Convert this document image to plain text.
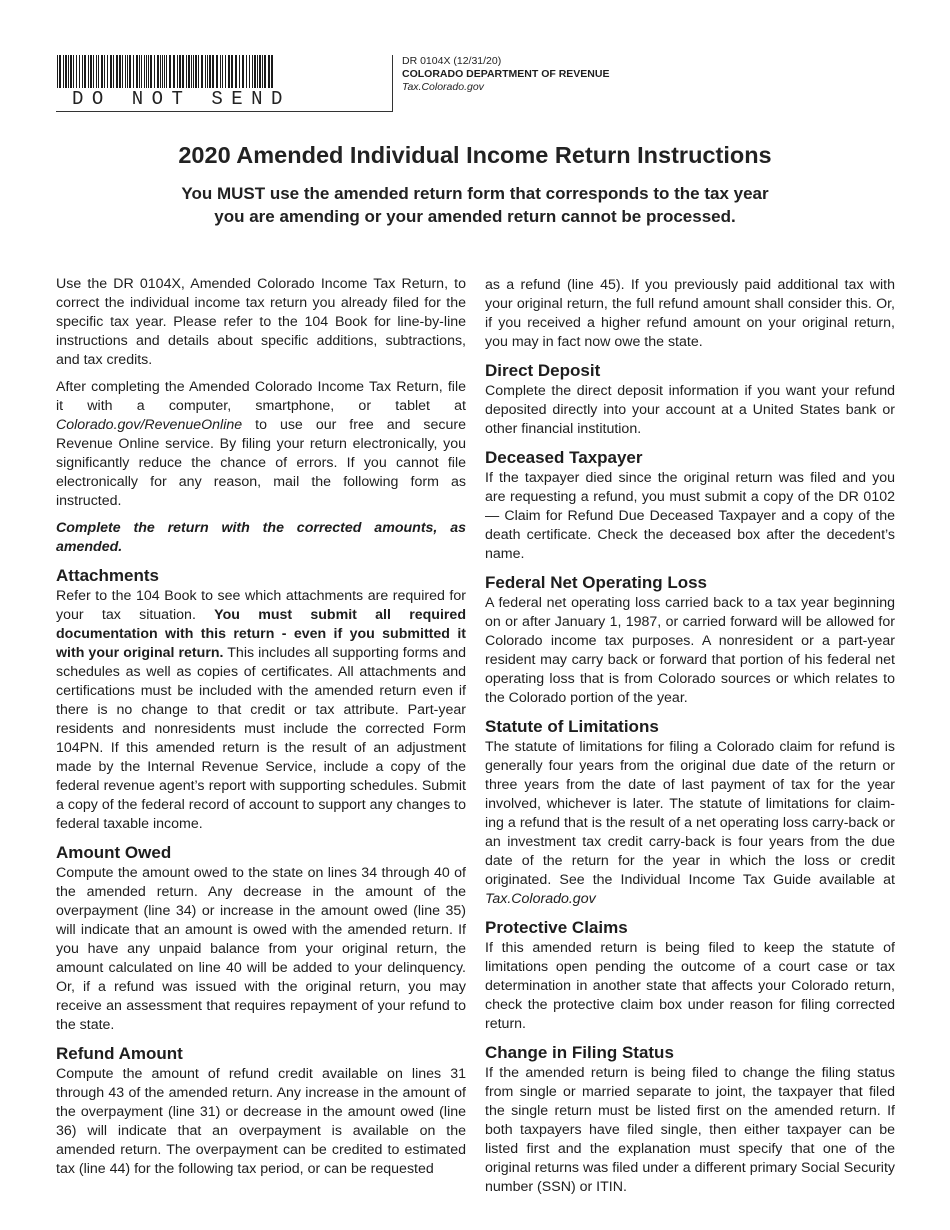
DO NOT SEND
DR 0104X (12/31/20)
COLORADO DEPARTMENT OF REVENUE
Tax.Colorado.gov
2020 Amended Individual Income Return Instructions
You MUST use the amended return form that corresponds to the tax year
you are amending or your amended return cannot be processed.

Use the DR 0104X, Amended Colorado Income Tax Return, to correct the individual income tax return you already filed for the specific tax year. Please refer to the 104 Book for line-by-line instructions and details about specific additions, subtractions, and tax credits.

After completing the Amended Colorado Income Tax Return, file it with a computer, smartphone, or tablet at Colorado.gov/RevenueOnline to use our free and secure Revenue Online service. By filing your return electronically, you significantly reduce the chance of errors. If you cannot file electronically for any reason, mail the following form as instructed.

Complete the return with the corrected amounts, as amended.

Attachments

Refer to the 104 Book to see which attachments are required for your tax situation. You must submit all required documentation with this return - even if you submitted it with your original return. This includes all supporting forms and schedules as well as copies of certificates. All attachments and certifications must be included with the amended return even if there is no change to that credit or tax attribute. Part-year residents and nonresidents must include the corrected Form 104PN. If this amended return is the result of an adjustment made by the Internal Revenue Service, include a copy of the federal revenue agent’s report with supporting schedules. Submit a copy of the federal record of account to support any changes to federal taxable income.

Amount Owed

Compute the amount owed to the state on lines 34 through 40 of the amended return. Any decrease in the amount of the overpayment (line 34) or increase in the amount owed (line 35) will indicate that an amount is owed with the amended return. If you have any unpaid balance from your original return, the amount calculated on line 40 will be added to your delinquency. Or, if a refund was issued with the original return, you may receive an assessment that requires repayment of your refund to the state.

Refund Amount

Compute the amount of refund credit available on lines 31 through 43 of the amended return. Any increase in the amount of the overpayment (line 31) or decrease in the amount owed (line 36) will indicate that an overpayment is available on the amended return. The overpayment can be credited to estimated tax (line 44) for the following tax period, or can be requested

as a refund (line 45). If you previously paid additional tax with your original return, the full refund amount shall consider this. Or, if you received a higher refund amount on your original return, you may in fact now owe the state.

Direct Deposit

Complete the direct deposit information if you want your refund deposited directly into your account at a United States bank or other financial institution.

Deceased Taxpayer

If the taxpayer died since the original return was filed and you are requesting a refund, you must submit a copy of the DR 0102 — Claim for Refund Due Deceased Taxpayer and a copy of the death certificate. Check the deceased box after the decedent’s name.

Federal Net Operating Loss

A federal net operating loss carried back to a tax year beginning on or after January 1, 1987, or carried forward will be allowed for Colorado income tax purposes. A nonresident or a part-year resident may carry back or forward that portion of his federal net operating loss that is from Colorado sources or which relates to the Colorado portion of the year.

Statute of Limitations

The statute of limitations for filing a Colorado claim for refund is generally four years from the original due date of the return or three years from the date of last payment of tax for the year involved, whichever is later. The statute of limitations for claim-ing a refund that is the result of a net operating loss carry-back or an investment tax credit carry-back is four years from the due date of the return for the year in which the loss or credit originated. See the Individual Income Tax Guide available at Tax.Colorado.gov

Protective Claims

If this amended return is being filed to keep the statute of limitations open pending the outcome of a court case or tax determination in another state that affects your Colorado return, check the protective claim box under reason for filing corrected return.

Change in Filing Status

If the amended return is being filed to change the filing status from single or married separate to joint, the taxpayer that filed the single return must be listed first on the amended return. If both taxpayers have filed single, then either taxpayer can be listed first and the explanation must specify that one of the original returns was filed under a different primary Social Security number (SSN) or ITIN.
